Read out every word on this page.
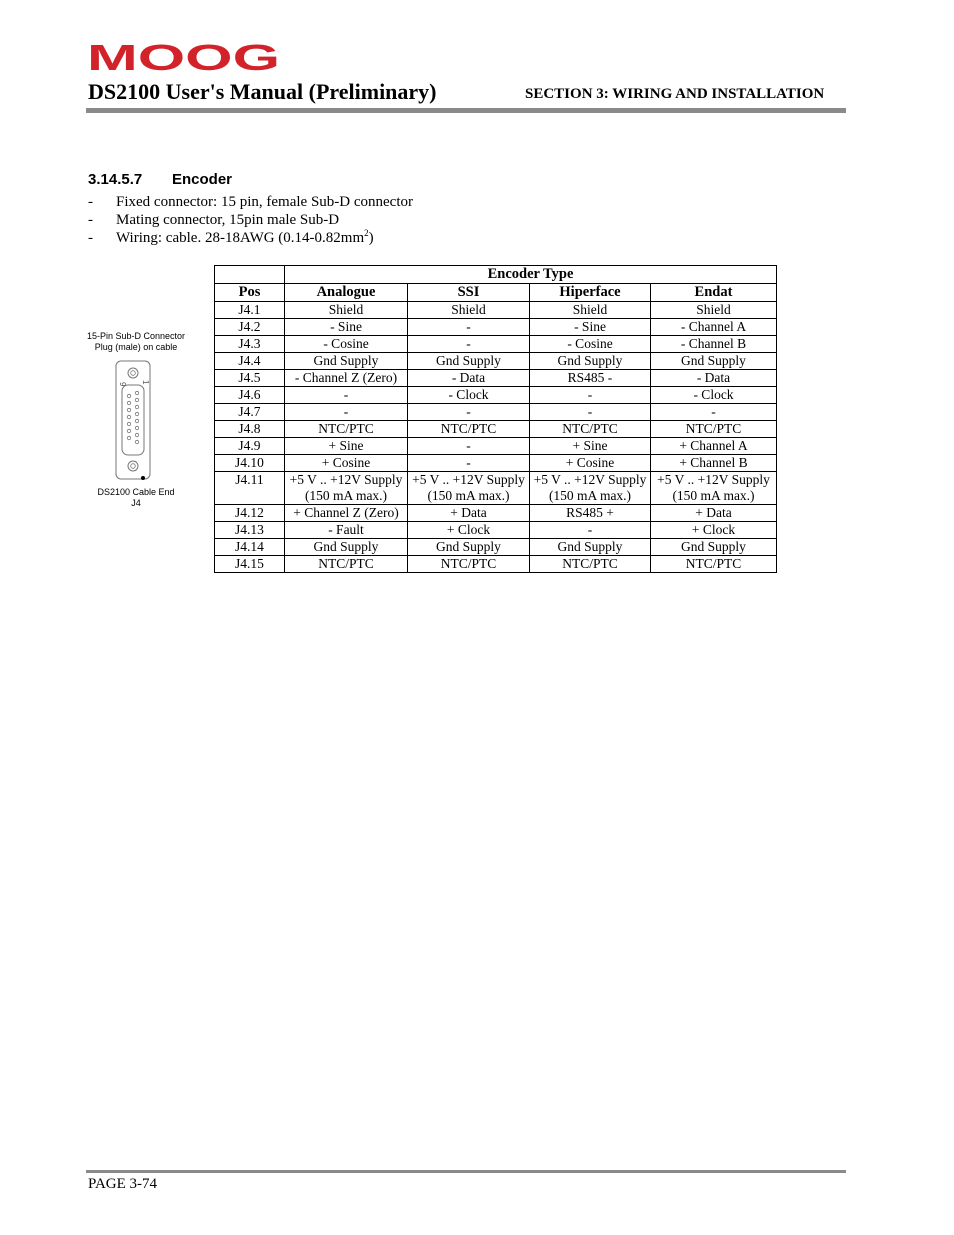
MOOG
DS2100 User's Manual (Preliminary)	SECTION 3: WIRING AND INSTALLATION
3.14.5.7 Encoder
- Fixed connector: 15 pin, female Sub-D connector
- Mating connector, 15pin male Sub-D
- Wiring: cable. 28-18AWG $(0.14-0.82mm^2)$
15-Pin Sub-D Connector
Plug (male) on cable
9 1
DS2100 Cable End
J4
	Encoder Type			
Pos	Analogue	SSI	Hiperface	Endat
J4.1	Shield	Shield	Shield	Shield
J4.2	- Sine	-	- Sine	- Channel A
J4.3	- Cosine	-	- Cosine	- Channel B
J4.4	Gnd Supply	Gnd Supply	Gnd Supply	Gnd Supply
J4.5	- Channel Z (Zero)	- Data	RS485 -	- Data
J4.6	-	- Clock	-	- Clock
J4.7	-	-	-	-
J4.8	NTC/PTC	NTC/PTC	NTC/PTC	NTC/PTC
J4.9	+ Sine	-	+ Sine	+ Channel A
J4.10	+ Cosine	-	+ Cosine	+ Channel B
J4.11	+5 V .. +12V Supply (150 mA max.)	+5 V .. +12V Supply (150 mA max.)	+5 V .. +12V Supply (150 mA max.)	+5 V .. +12V Supply (150 mA max.)
J4.12	+ Channel Z (Zero)	+ Data	RS485 +	+ Data
J4.13	- Fault	+ Clock	-	+ Clock
J4.14	Gnd Supply	Gnd Supply	Gnd Supply	Gnd Supply
J4.15	NTC/PTC	NTC/PTC	NTC/PTC	NTC/PTC
PAGE 3-74
